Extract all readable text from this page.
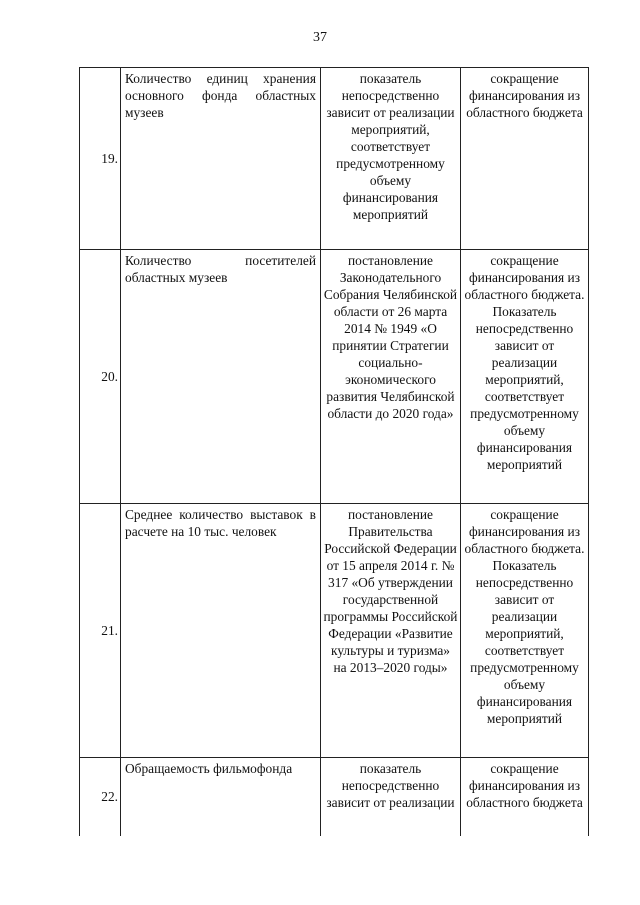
37
19.	Количество единиц хранения основного фонда областных музеев	показатель непосредственно зависит от реализации мероприятий, соответствует предусмотренному объему финансирования мероприятий	сокращение финансирования из областного бюджета
20.	Количество посетителей областных музеев	постановление Законодательного Собрания Челябинской области от 26 марта 2014 № 1949 «О принятии Стратегии социально-экономического развития Челябинской области до 2020 года»	сокращение финансирования из областного бюджета. Показатель непосредственно зависит от реализации мероприятий, соответствует предусмотренному объему финансирования мероприятий
21.	Среднее количество выставок в расчете на 10 тыс. человек	постановление Правительства Российской Федерации от 15 апреля 2014 г. № 317 «Об утверждении государственной программы Российской Федерации «Развитие культуры и туризма» на 2013–2020 годы»	сокращение финансирования из областного бюджета. Показатель непосредственно зависит от реализации мероприятий, соответствует предусмотренному объему финансирования мероприятий
22.	Обращаемость фильмофонда	показатель непосредственно зависит от реализации	сокращение финансирования из областного бюджета
